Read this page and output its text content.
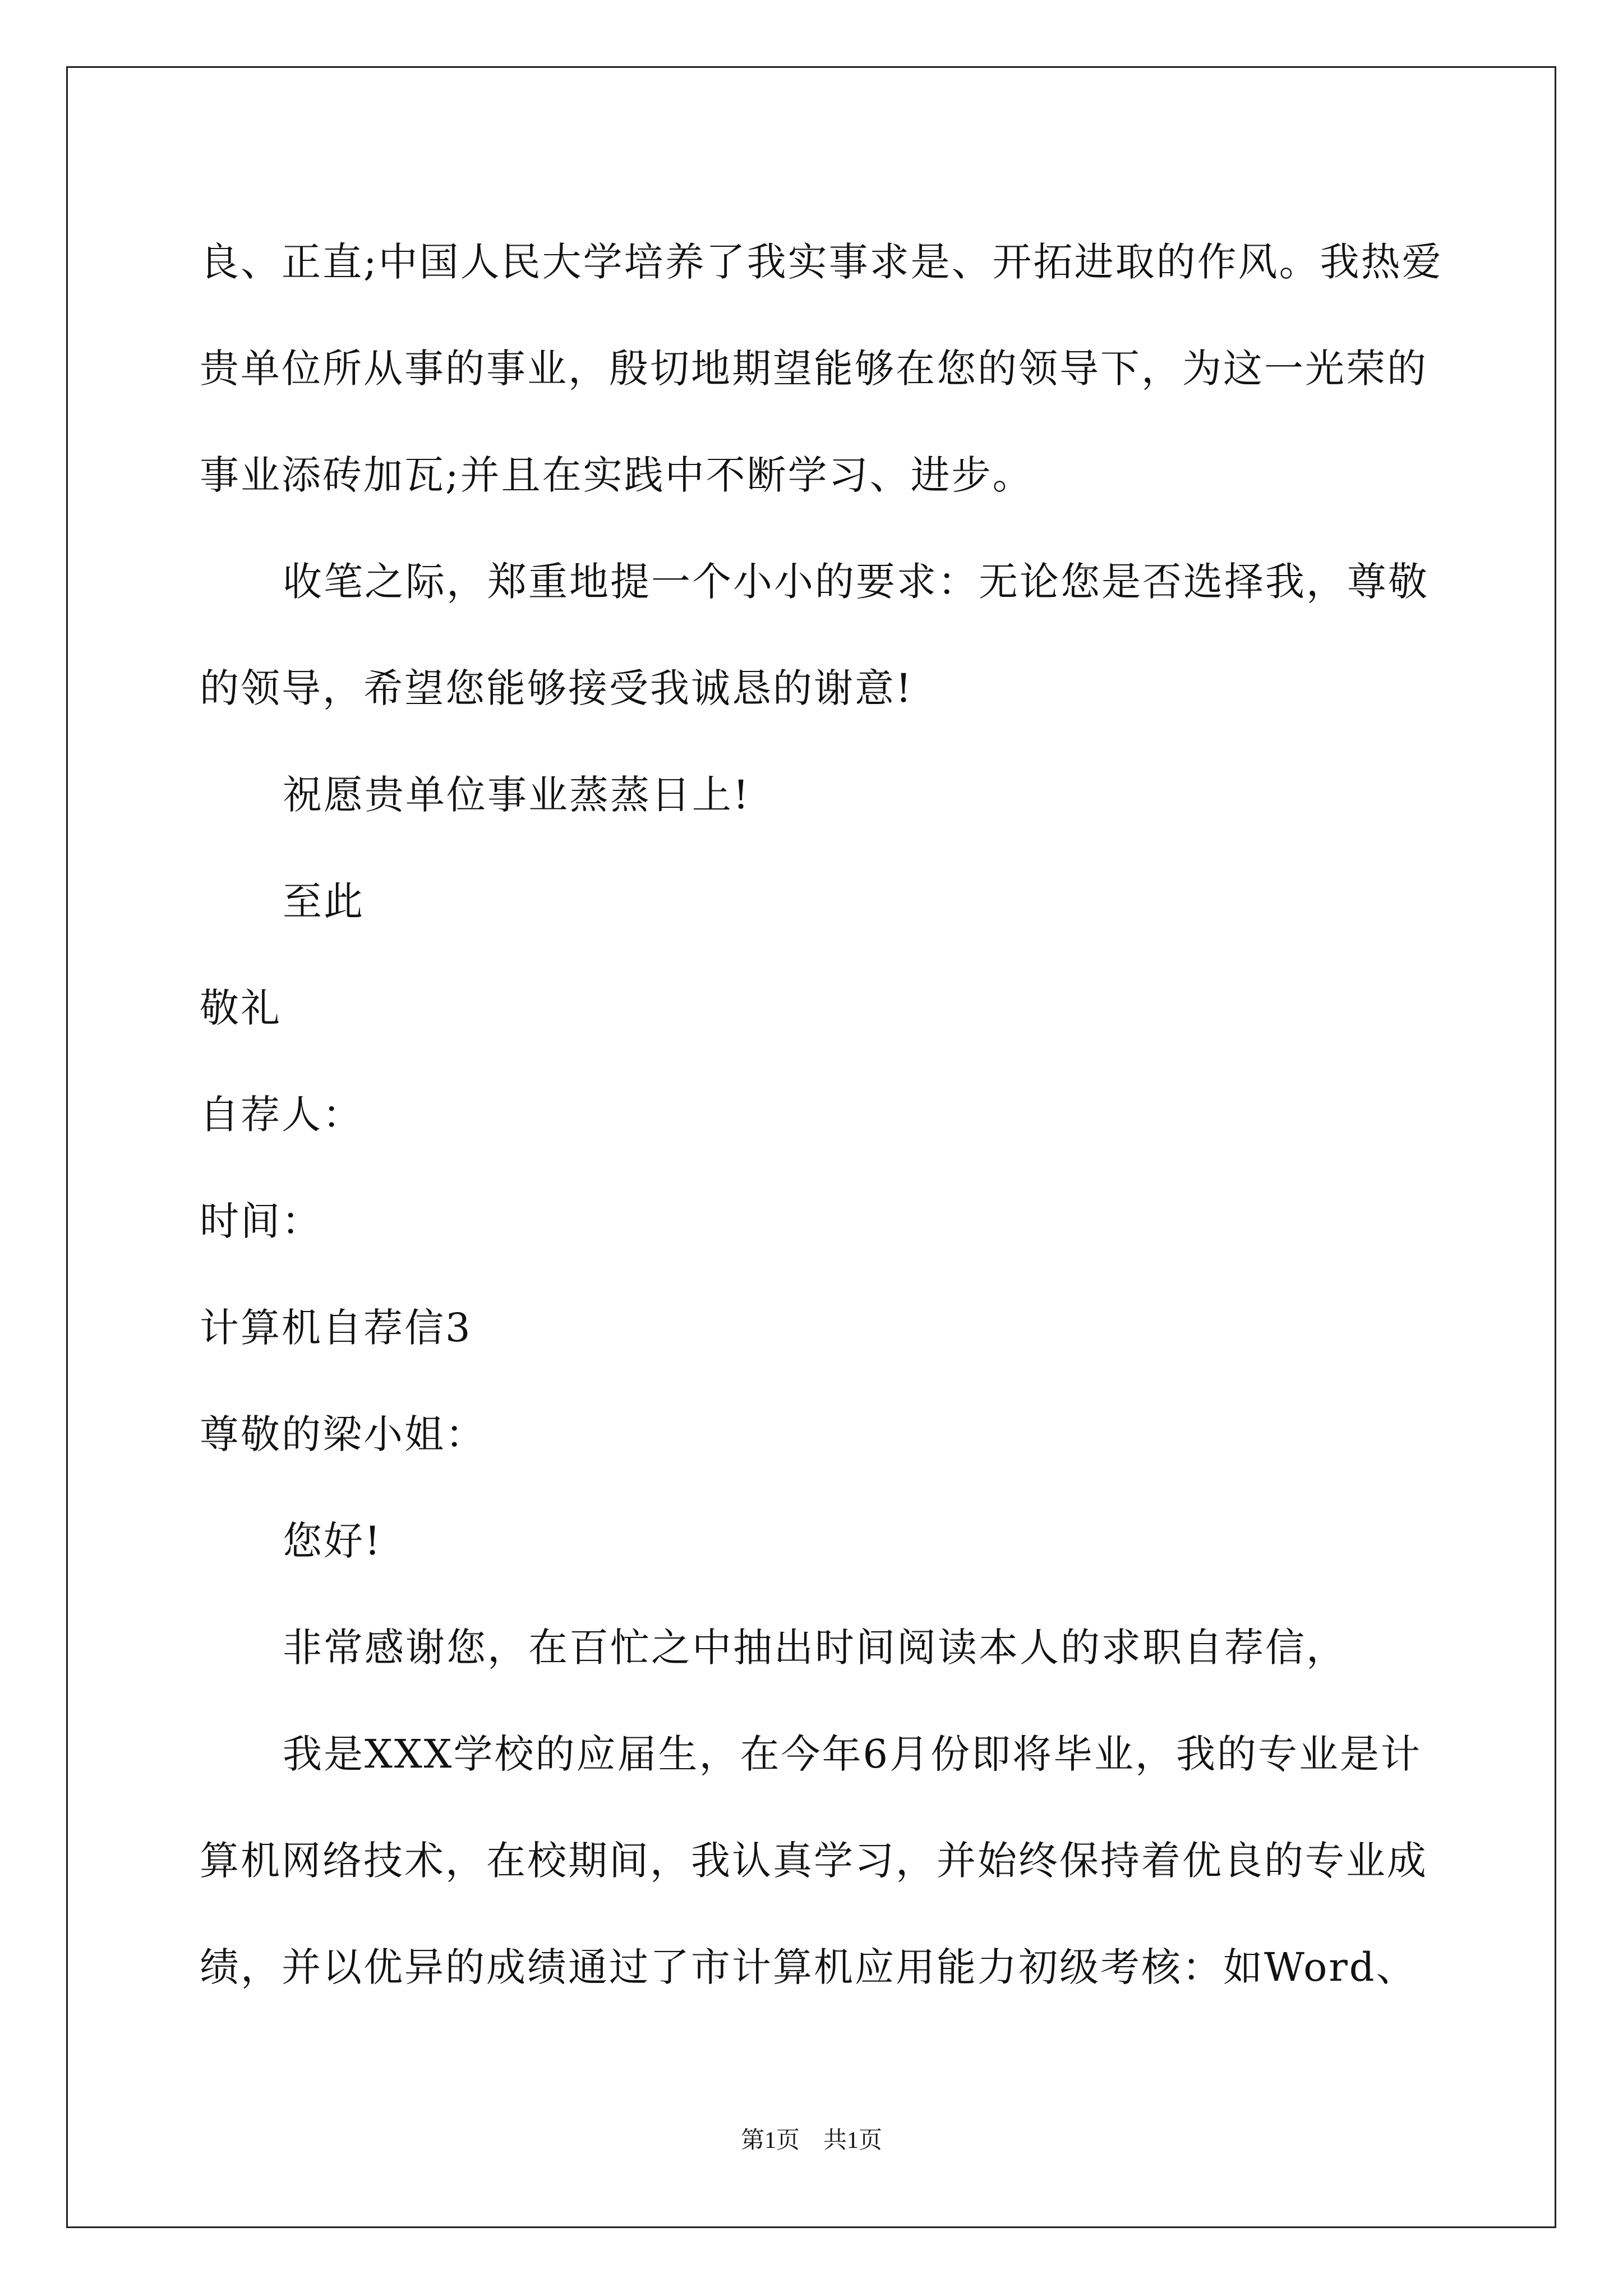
良、正直;中国人民大学培养了我实事求是、开拓进取的作风。我热爱
贵单位所从事的事业，殷切地期望能够在您的领导下，为这一光荣的
事业添砖加瓦;并且在实践中不断学习、进步。
收笔之际，郑重地提一个小小的要求：无论您是否选择我，尊敬
的领导，希望您能够接受我诚恳的谢意!
祝愿贵单位事业蒸蒸日上!
至此
敬礼
自荐人：
时间：
计算机自荐信3
尊敬的梁小姐：
您好!
非常感谢您，在百忙之中抽出时间阅读本人的求职自荐信，
我是XXX学校的应届生，在今年6月份即将毕业，我的专业是计
算机网络技术，在校期间，我认真学习，并始终保持着优良的专业成
绩，并以优异的成绩通过了市计算机应用能力初级考核：如Word、
第1页　共1页
